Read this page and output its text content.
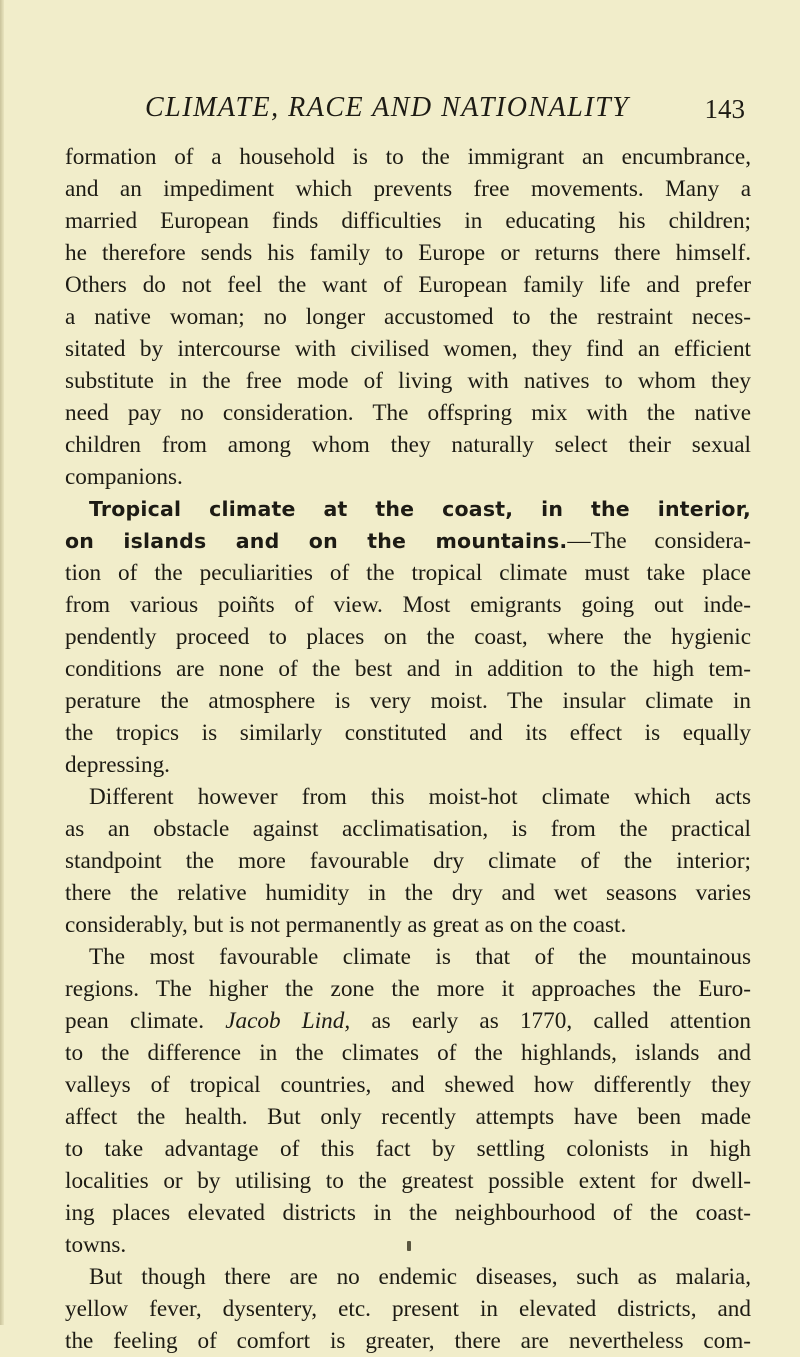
CLIMATE, RACE AND NATIONALITY	143
formation of a household is to the immigrant an encumbrance,
and an impediment which prevents free movements. Many a
married European finds difficulties in educating his children;
he therefore sends his family to Europe or returns there himself.
Others do not feel the want of European family life and prefer
a native woman; no longer accustomed to the restraint neces-
sitated by intercourse with civilised women, they find an efficient
substitute in the free mode of living with natives to whom they
need pay no consideration. The offspring mix with the native
children from among whom they naturally select their sexual
companions.
Tropical climate at the coast, in the interior,
on islands and on the mountains.—The considera-
tion of the peculiarities of the tropical climate must take place
from various poiñts of view. Most emigrants going out inde-
pendently proceed to places on the coast, where the hygienic
conditions are none of the best and in addition to the high tem-
perature the atmosphere is very moist. The insular climate in
the tropics is similarly constituted and its effect is equally
depressing.
Different however from this moist-hot climate which acts
as an obstacle against acclimatisation, is from the practical
standpoint the more favourable dry climate of the interior;
there the relative humidity in the dry and wet seasons varies
considerably, but is not permanently as great as on the coast.
The most favourable climate is that of the mountainous
regions. The higher the zone the more it approaches the Euro-
pean climate. Jacob Lind, as early as 1770, called attention
to the difference in the climates of the highlands, islands and
valleys of tropical countries, and shewed how differently they
affect the health. But only recently attempts have been made
to take advantage of this fact by settling colonists in high
localities or by utilising to the greatest possible extent for dwell-
ing places elevated districts in the neighbourhood of the coast-
towns.
But though there are no endemic diseases, such as malaria,
yellow fever, dysentery, etc. present in elevated districts, and
the feeling of comfort is greater, there are nevertheless com-
